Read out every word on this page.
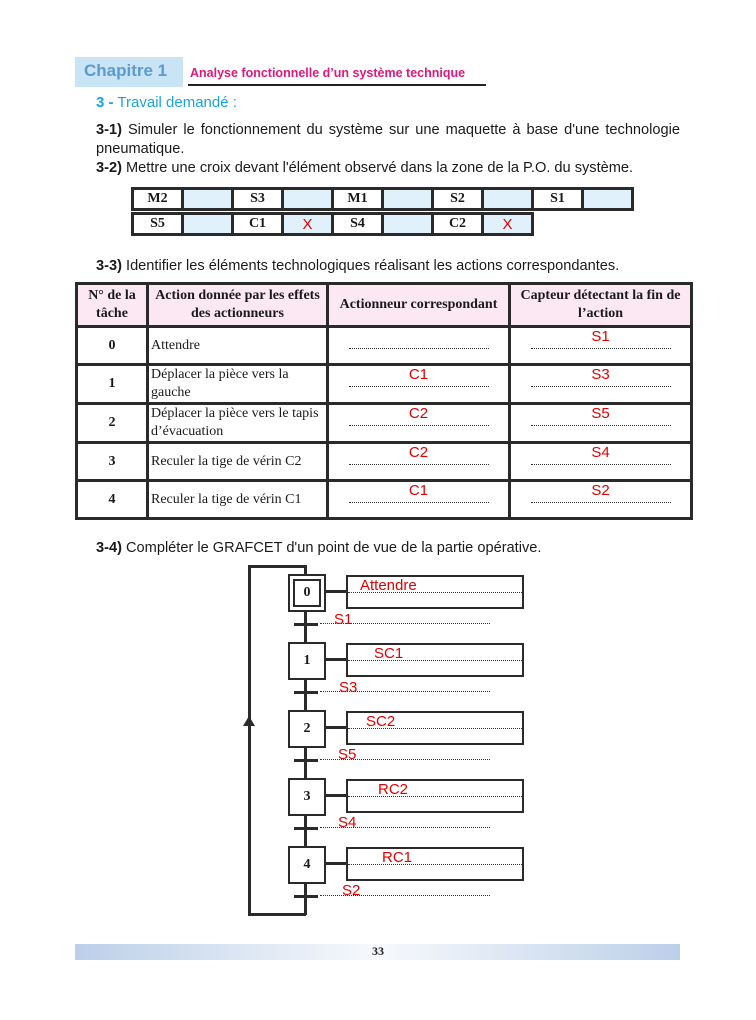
Chapitre 1 Analyse fonctionnelle d’un système technique
3 - Travail demandé :
3-1) Simuler le fonctionnement du système sur une maquette à base d'une technologie pneumatique.
3-2) Mettre une croix devant l'élément observé dans la zone de la P.O. du système.
M2		S3		M1		S2		S1	
S5		C1	X	S4		C2	X
3-3) Identifier les éléments technologiques réalisant les actions correspondantes.
N° de la tâche	Action donnée par les effets des actionneurs	Actionneur correspondant	Capteur détectant la fin de l’action
0	Attendre		S1

1	Déplacer la pièce vers la gauche	C1	S3

2	Déplacer la pièce vers le tapis d’évacuation	C2	S5

3	Reculer la tige de vérin C2	C2	S4

4	Reculer la tige de vérin C1	C1	S2
3-4) Compléter le GRAFCET d'un point de vue de la partie opérative.
0	Attendre
S1
1	SC1
S3
2	SC2
S5
3	RC2
S4
4	RC1
S2
33
